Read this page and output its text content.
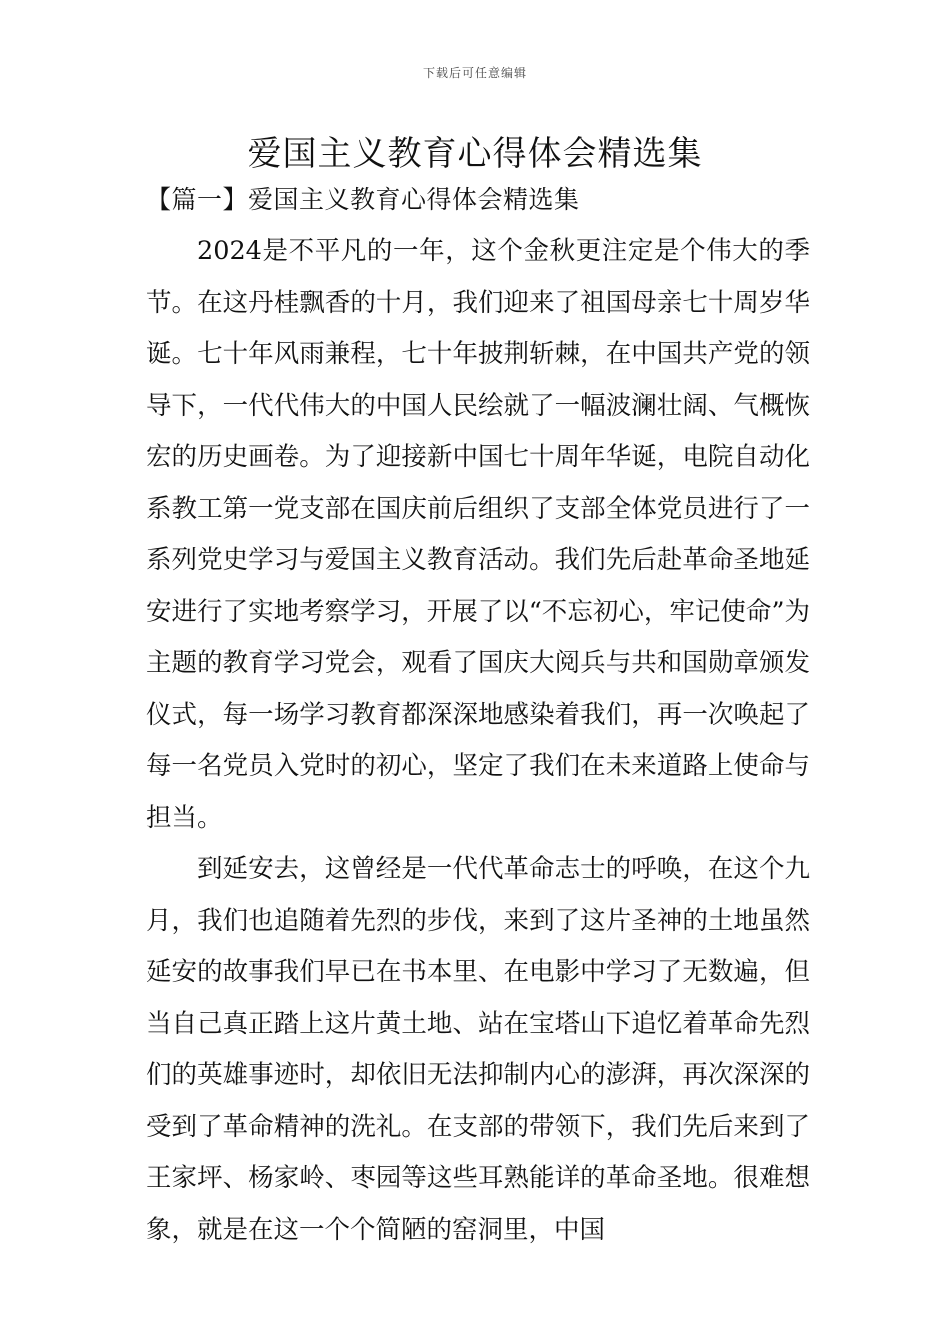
下载后可任意编辑
爱国主义教育心得体会精选集
【篇一】爱国主义教育心得体会精选集

2024是不平凡的一年，这个金秋更注定是个伟大的季节。在这丹桂飘香的十月，我们迎来了祖国母亲七十周岁华诞。七十年风雨兼程，七十年披荆斩棘，在中国共产党的领导下，一代代伟大的中国人民绘就了一幅波澜壮阔、气概恢宏的历史画卷。为了迎接新中国七十周年华诞，电院自动化系教工第一党支部在国庆前后组织了支部全体党员进行了一系列党史学习与爱国主义教育活动。我们先后赴革命圣地延安进行了实地考察学习，开展了以“不忘初心，牢记使命”为主题的教育学习党会，观看了国庆大阅兵与共和国勋章颁发仪式，每一场学习教育都深深地感染着我们，再一次唤起了每一名党员入党时的初心，坚定了我们在未来道路上使命与担当。

到延安去，这曾经是一代代革命志士的呼唤，在这个九月，我们也追随着先烈的步伐，来到了这片圣神的土地虽然延安的故事我们早已在书本里、在电影中学习了无数遍，但当自己真正踏上这片黄土地、站在宝塔山下追忆着革命先烈们的英雄事迹时，却依旧无法抑制内心的澎湃，再次深深的受到了革命精神的洗礼。在支部的带领下，我们先后来到了王家坪、杨家岭、枣园等这些耳熟能详的革命圣地。很难想象，就是在这一个个简陋的窑洞里，中国
